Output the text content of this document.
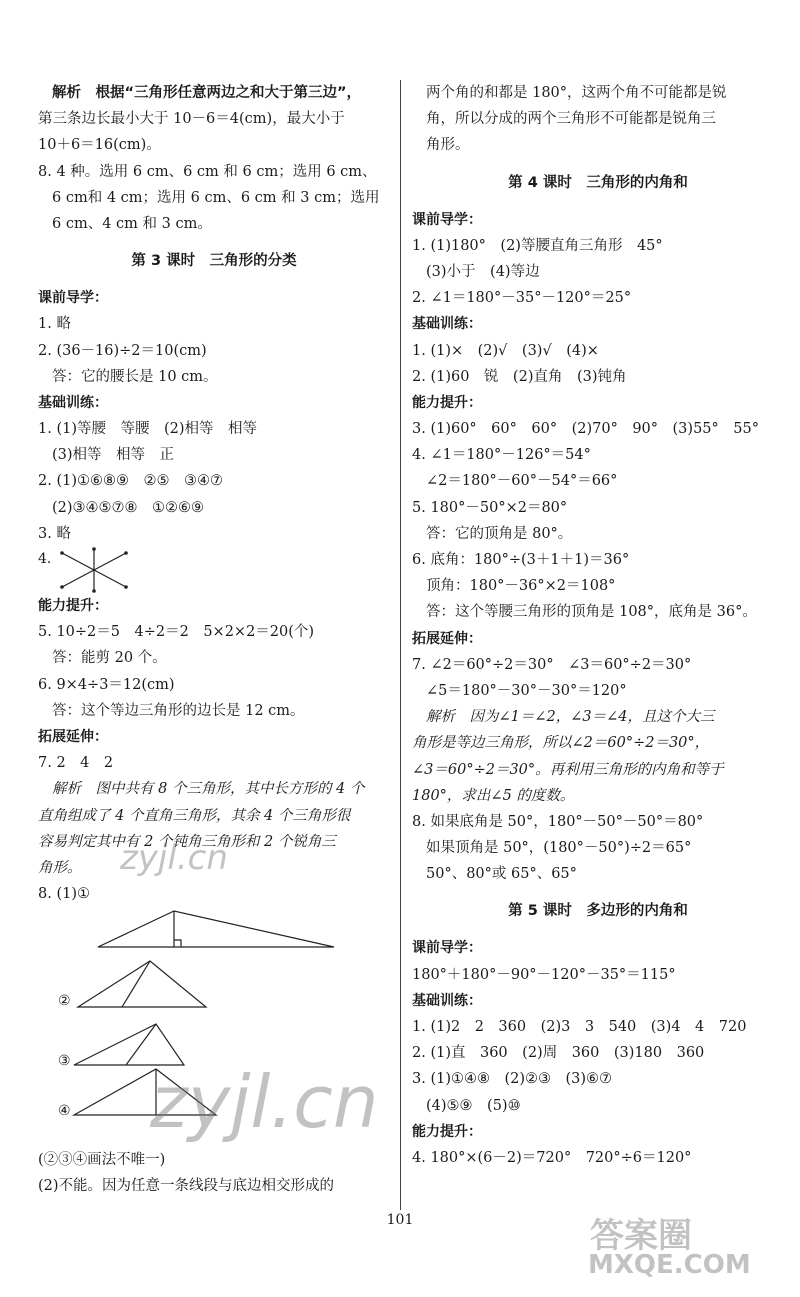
解析　根据“三角形任意两边之和大于第三边”，
第三条边长最小大于 10－6＝4(cm)，最大小于
10＋6＝16(cm)。
8. 4 种。选用 6 cm、6 cm 和 6 cm；选用 6 cm、
6 cm和 4 cm；选用 6 cm、6 cm 和 3 cm；选用
6 cm、4 cm 和 3 cm。
第 3 课时　三角形的分类
课前导学：
1. 略
2. (36－16)÷2＝10(cm)
答：它的腰长是 10 cm。
基础训练：
1. (1)等腰　等腰　(2)相等　相等
(3)相等　相等　正
2. (1)①⑥⑧⑨　②⑤　③④⑦
(2)③④⑤⑦⑧　①②⑥⑨
3. 略
4.
能力提升：
5. 10÷2＝5　4÷2＝2　5×2×2＝20(个)
答：能剪 20 个。
6. 9×4÷3＝12(cm)
答：这个等边三角形的边长是 12 cm。
拓展延伸：
7. 2　4　2
解析　图中共有 8 个三角形，其中长方形的 4 个
直角组成了 4 个直角三角形，其余 4 个三角形很
容易判定其中有 2 个钝角三角形和 2 个锐角三
角形。
8. (1)①
②
③
④
(②③④画法不唯一)
(2)不能。因为任意一条线段与底边相交形成的
两个角的和都是 180°，这两个角不可能都是锐
角，所以分成的两个三角形不可能都是锐角三
角形。
第 4 课时　三角形的内角和
课前导学：
1. (1)180°　(2)等腰直角三角形　45°
(3)小于　(4)等边
2. ∠1＝180°－35°－120°＝25°
基础训练：
1. (1)×　(2)√　(3)√　(4)×
2. (1)60　锐　(2)直角　(3)钝角
能力提升：
3. (1)60°　60°　60°　(2)70°　90°　(3)55°　55°
4. ∠1＝180°－126°＝54°
∠2＝180°－60°－54°＝66°
5. 180°－50°×2＝80°
答：它的顶角是 80°。
6. 底角：180°÷(3＋1＋1)＝36°
顶角：180°－36°×2＝108°
答：这个等腰三角形的顶角是 108°，底角是 36°。
拓展延伸：
7. ∠2＝60°÷2＝30°　∠3＝60°÷2＝30°
∠5＝180°－30°－30°＝120°
解析　因为∠1＝∠2，∠3＝∠4，且这个大三
角形是等边三角形，所以∠2＝60°÷2＝30°，
∠3＝60°÷2＝30°。再利用三角形的内角和等于
180°，求出∠5 的度数。
8. 如果底角是 50°，180°－50°－50°＝80°
如果顶角是 50°，(180°－50°)÷2＝65°
50°、80°或 65°、65°
第 5 课时　多边形的内角和
课前导学：
180°＋180°－90°－120°－35°＝115°
基础训练：
1. (1)2　2　360　(2)3　3　540　(3)4　4　720
2. (1)直　360　(2)周　360　(3)180　360
3. (1)①④⑧　(2)②③　(3)⑥⑦
(4)⑤⑨　(5)⑩
能力提升：
4. 180°×(6－2)＝720°　720°÷6＝120°
101
zyjl.cn
zyjl.cn
答案圈
MXQE.COM
